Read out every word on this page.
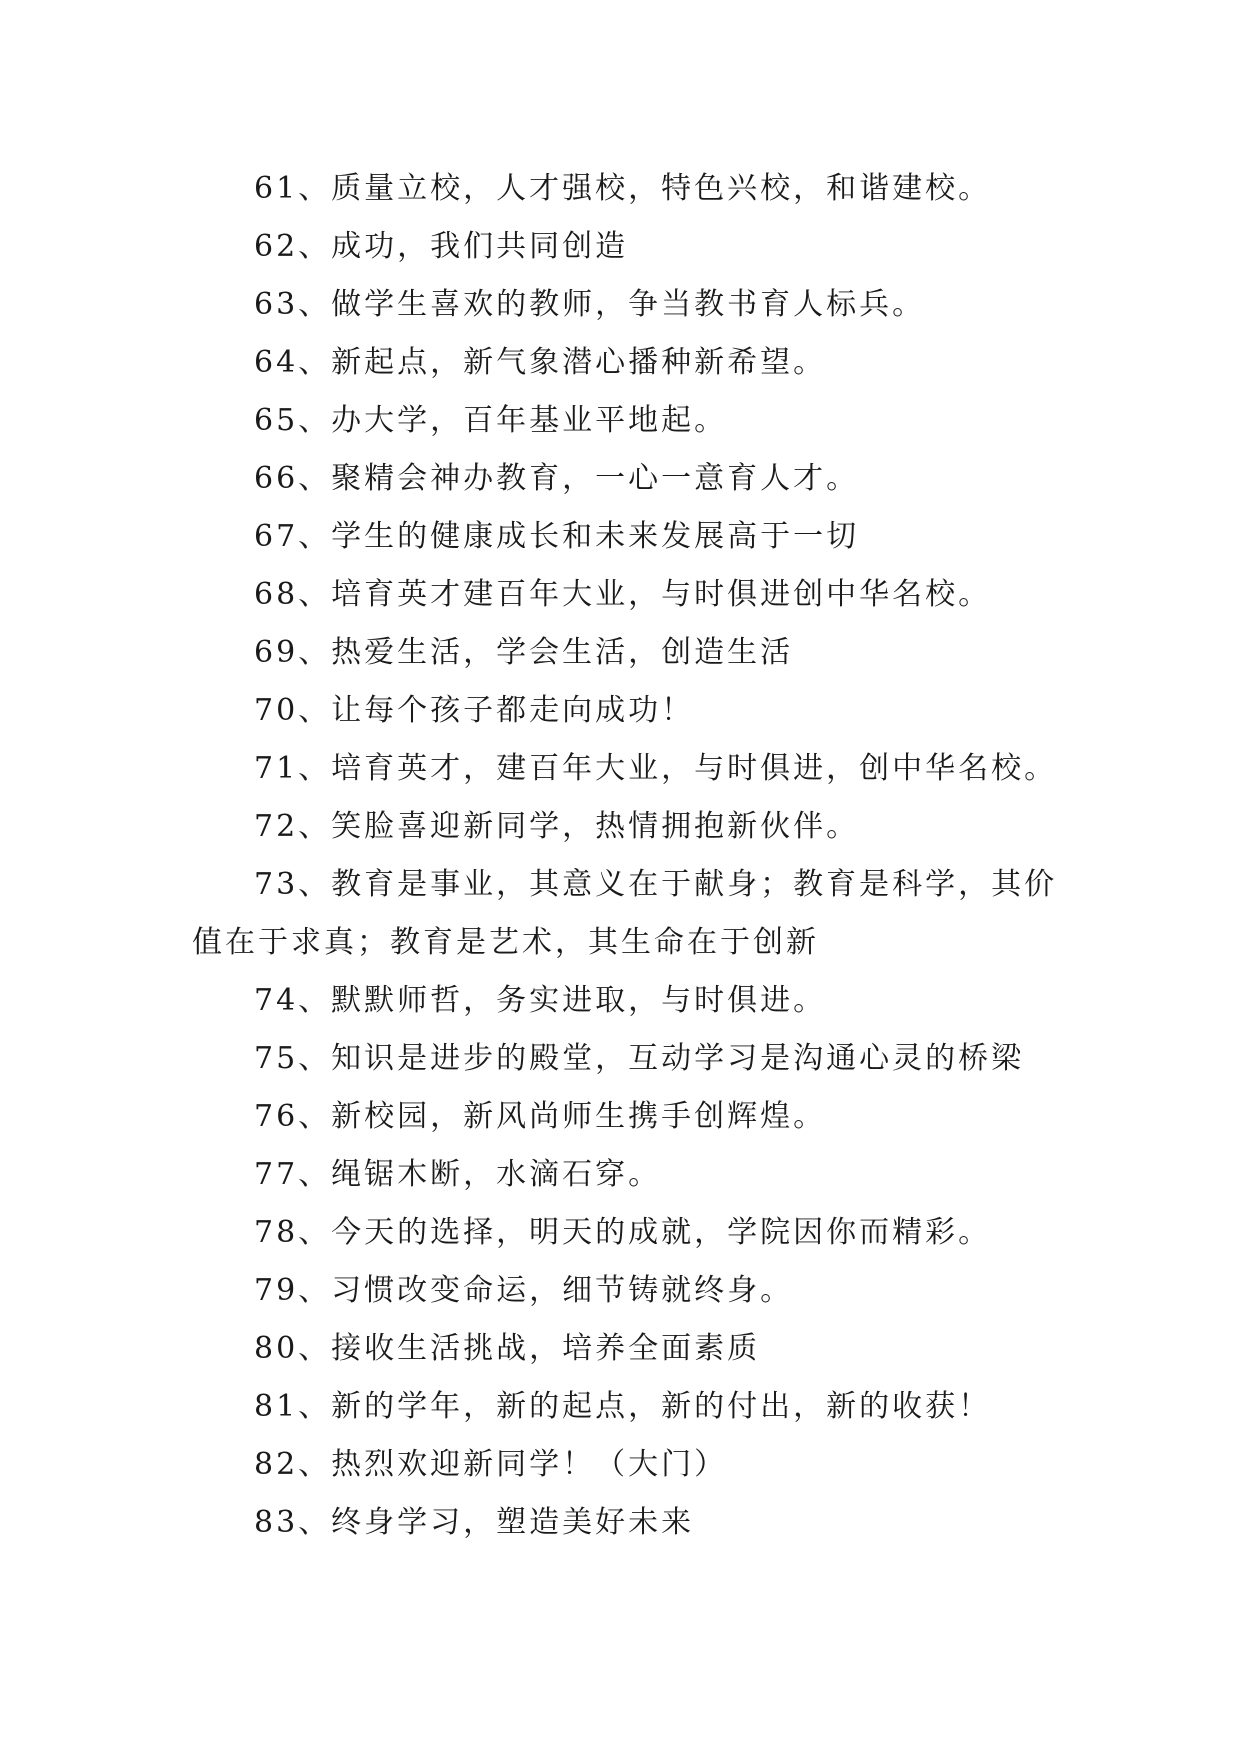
61、质量立校，人才强校，特色兴校，和谐建校。

62、成功，我们共同创造

63、做学生喜欢的教师，争当教书育人标兵。

64、新起点，新气象潜心播种新希望。

65、办大学，百年基业平地起。

66、聚精会神办教育，一心一意育人才。

67、学生的健康成长和未来发展高于一切

68、培育英才建百年大业，与时俱进创中华名校。

69、热爱生活，学会生活，创造生活

70、让每个孩子都走向成功！

71、培育英才，建百年大业，与时俱进，创中华名校。

72、笑脸喜迎新同学，热情拥抱新伙伴。

73、教育是事业，其意义在于献身；教育是科学，其价值在于求真；教育是艺术，其生命在于创新

74、默默师哲，务实进取，与时俱进。

75、知识是进步的殿堂，互动学习是沟通心灵的桥梁

76、新校园，新风尚师生携手创辉煌。

77、绳锯木断，水滴石穿。

78、今天的选择，明天的成就，学院因你而精彩。

79、习惯改变命运，细节铸就终身。

80、接收生活挑战，培养全面素质

81、新的学年，新的起点，新的付出，新的收获！

82、热烈欢迎新同学！（大门）

83、终身学习，塑造美好未来
